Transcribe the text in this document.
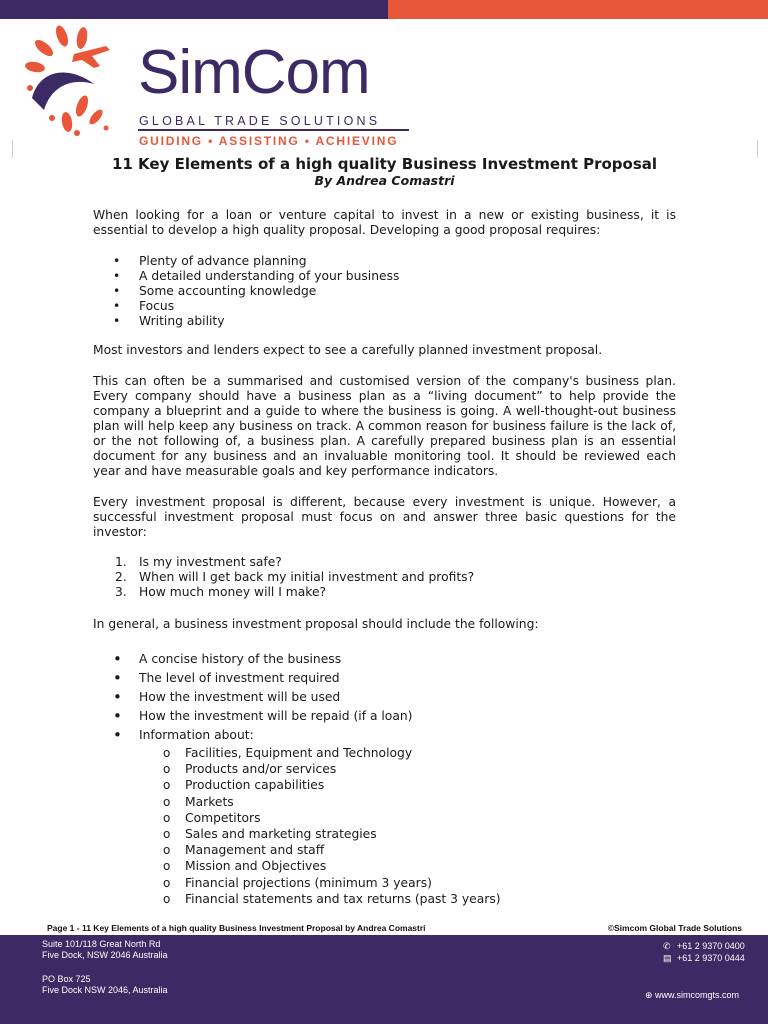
SimCom
GLOBAL TRADE SOLUTIONS
GUIDING • ASSISTING • ACHIEVING
11 Key Elements of a high quality Business Investment Proposal
By Andrea Comastri

When looking for a loan or venture capital to invest in a new or existing business, it is essential to develop a high quality proposal. Developing a good proposal requires:

• Plenty of advance planning
• A detailed understanding of your business
• Some accounting knowledge
• Focus
• Writing ability

Most investors and lenders expect to see a carefully planned investment proposal.

This can often be a summarised and customised version of the company's business plan. Every company should have a business plan as a “living document” to help provide the company a blueprint and a guide to where the business is going. A well-thought-out business plan will help keep any business on track. A common reason for business failure is the lack of, or the not following of, a business plan. A carefully prepared business plan is an essential document for any business and an invaluable monitoring tool. It should be reviewed each year and have measurable goals and key performance indicators.

Every investment proposal is different, because every investment is unique. However, a successful investment proposal must focus on and answer three basic questions for the investor:

1. Is my investment safe?
2. When will I get back my initial investment and profits?
3. How much money will I make?

In general, a business investment proposal should include the following:

• A concise history of the business
• The level of investment required
• How the investment will be used
• How the investment will be repaid (if a loan)
• Information about:
o Facilities, Equipment and Technology
o Products and/or services
o Production capabilities
o Markets
o Competitors
o Sales and marketing strategies
o Management and staff
o Mission and Objectives
o Financial projections (minimum 3 years)
o Financial statements and tax returns (past 3 years)
Page 1 - 11 Key Elements of a high quality Business Investment Proposal by Andrea Comastri	©Simcom Global Trade Solutions
Suite 101/118 Great North Rd
Five Dock, NSW 2046 Australia
PO Box 725
Five Dock NSW 2046, Australia
✆ +61 2 9370 0400
▤ +61 2 9370 0444
⊕ www.simcomgts.com
